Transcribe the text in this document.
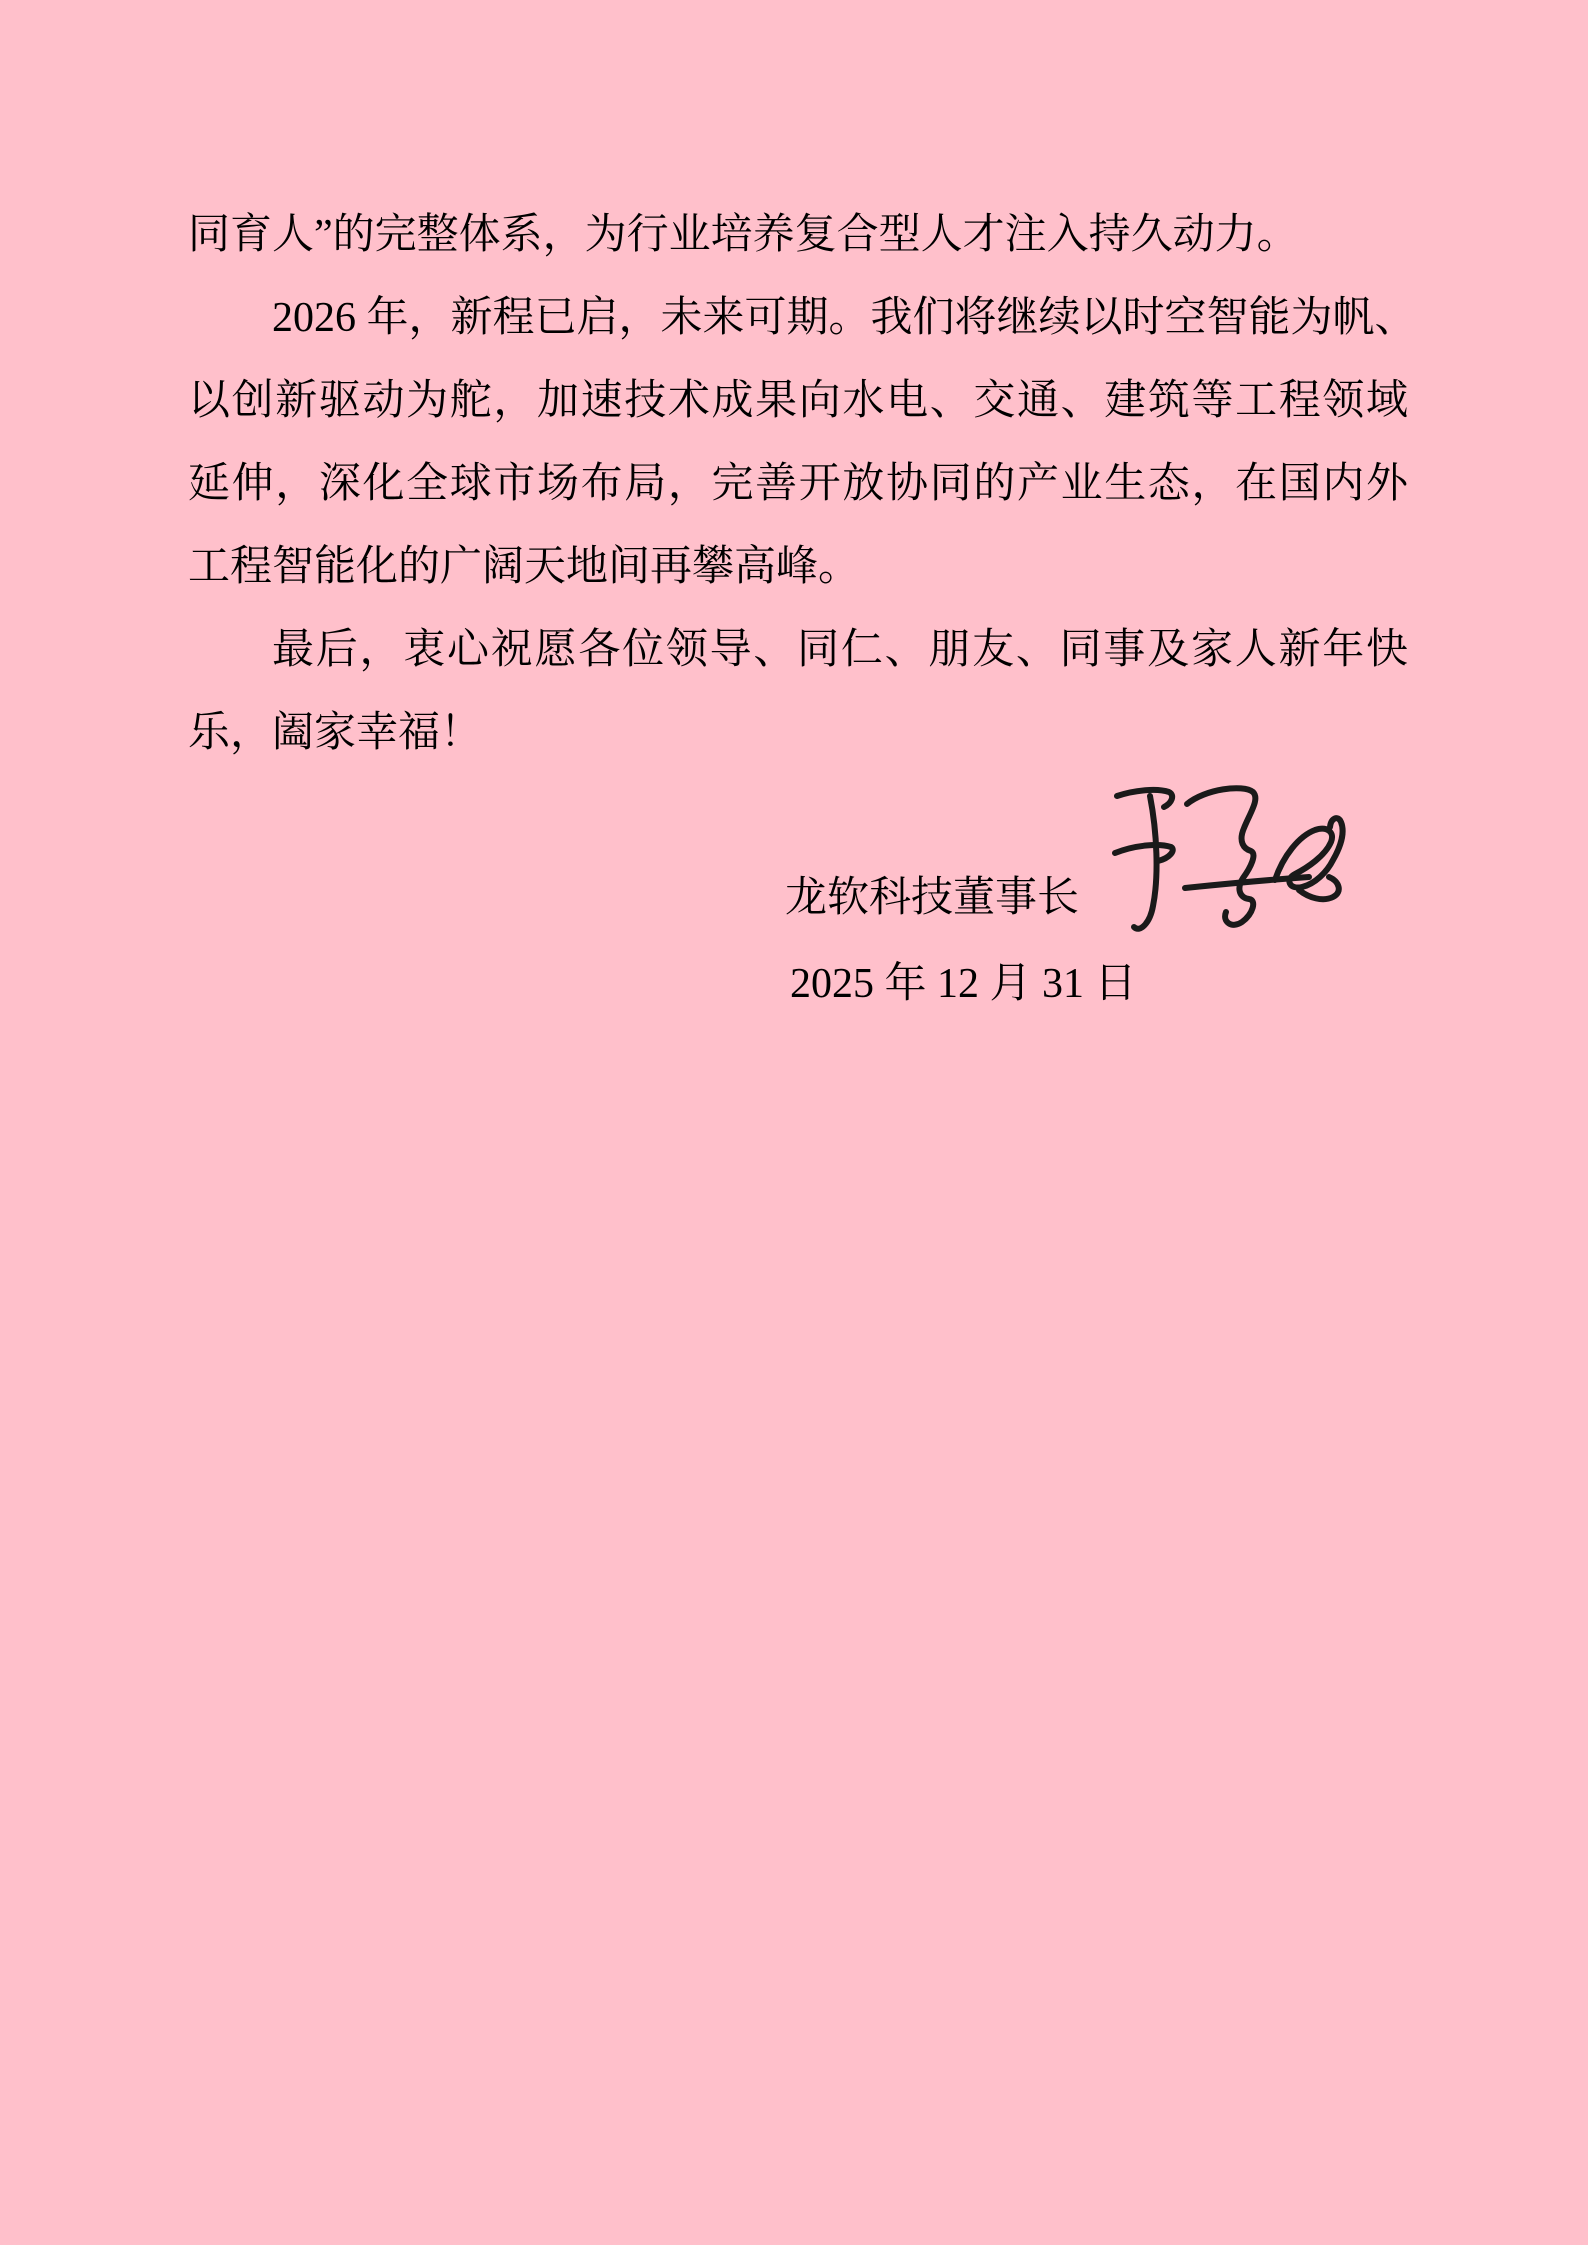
同育人”的完整体系，为行业培养复合型人才注入持久动力。
2026 年，新程已启，未来可期。我们将继续以时空智能为帆、
以创新驱动为舵，加速技术成果向水电、交通、建筑等工程领域
延伸，深化全球市场布局，完善开放协同的产业生态，在国内外
工程智能化的广阔天地间再攀高峰。
最后，衷心祝愿各位领导、同仁、朋友、同事及家人新年快
乐，阖家幸福！
龙软科技董事长
2025 年 12 月 31 日
